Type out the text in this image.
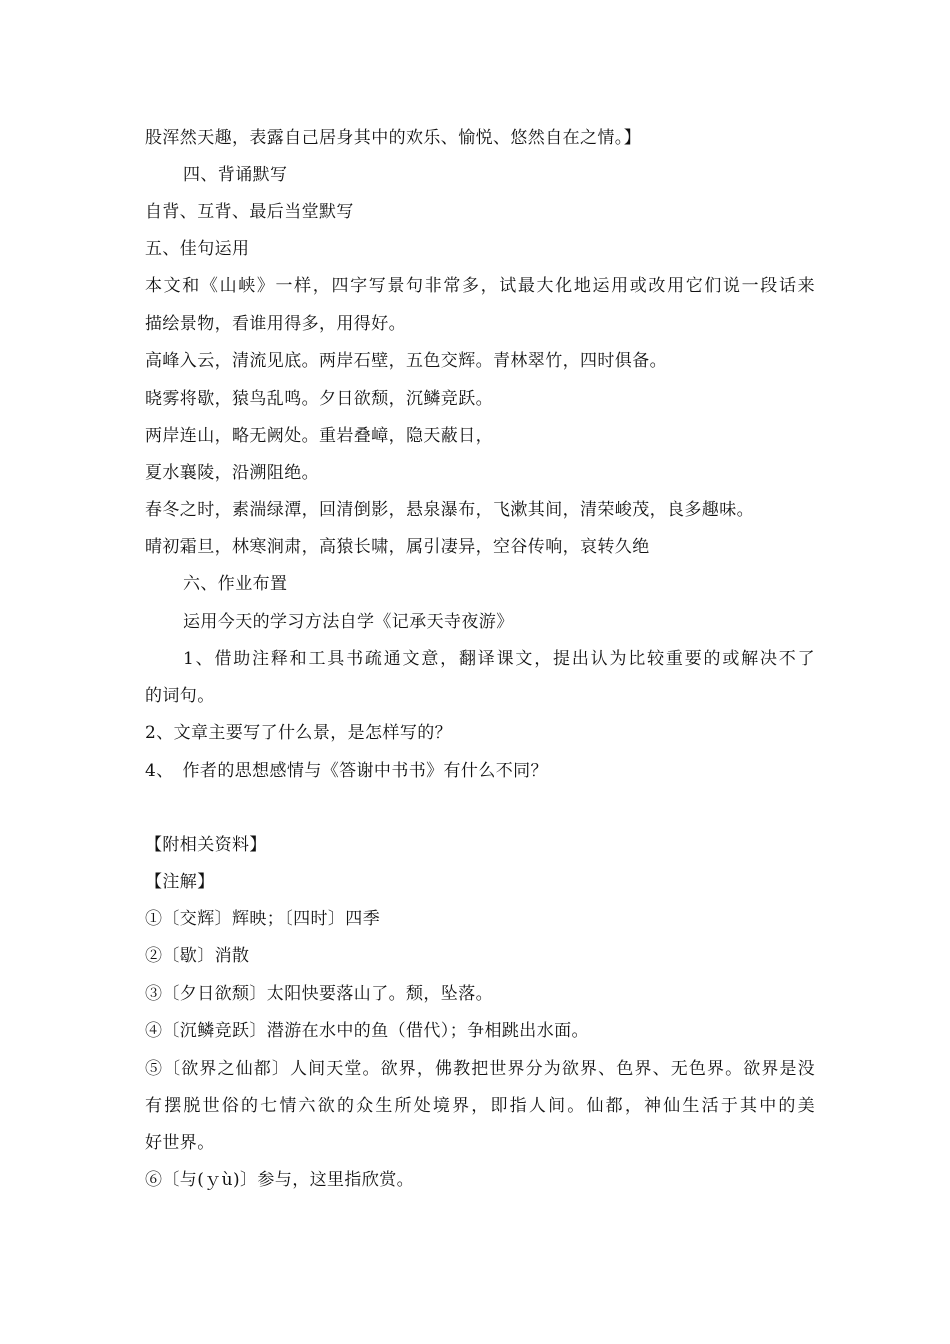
股浑然天趣，表露自己居身其中的欢乐、愉悦、悠然自在之情。】
四、背诵默写
自背、互背、最后当堂默写
五、佳句运用
本文和《山峡》一样，四字写景句非常多，试最大化地运用或改用它们说一段话来
描绘景物，看谁用得多，用得好。
高峰入云，清流见底。两岸石壁，五色交辉。青林翠竹，四时俱备。
晓雾将歇，猿鸟乱鸣。夕日欲颓，沉鳞竞跃。
两岸连山，略无阙处。重岩叠嶂，隐天蔽日，
夏水襄陵，沿溯阻绝。
春冬之时，素湍绿潭，回清倒影，悬泉瀑布，飞漱其间，清荣峻茂，良多趣味。
晴初霜旦，林寒涧肃，高猿长啸，属引凄异，空谷传响，哀转久绝
六、作业布置
运用今天的学习方法自学《记承天寺夜游》
1、借助注释和工具书疏通文意，翻译课文，提出认为比较重要的或解决不了
的词句。
2、文章主要写了什么景，是怎样写的？
4、　作者的思想感情与《答谢中书书》有什么不同？
【附相关资料】
【注解】
①〔交辉〕辉映；〔四时〕四季
②〔歇〕消散
③〔夕日欲颓〕太阳快要落山了。颓，坠落。
④〔沉鳞竞跃〕潜游在水中的鱼（借代）；争相跳出水面。
⑤〔欲界之仙都〕人间天堂。欲界，佛教把世界分为欲界、色界、无色界。欲界是没
有摆脱世俗的七情六欲的众生所处境界，即指人间。仙都，神仙生活于其中的美
好世界。
⑥〔与(ｙù)〕参与，这里指欣赏。
